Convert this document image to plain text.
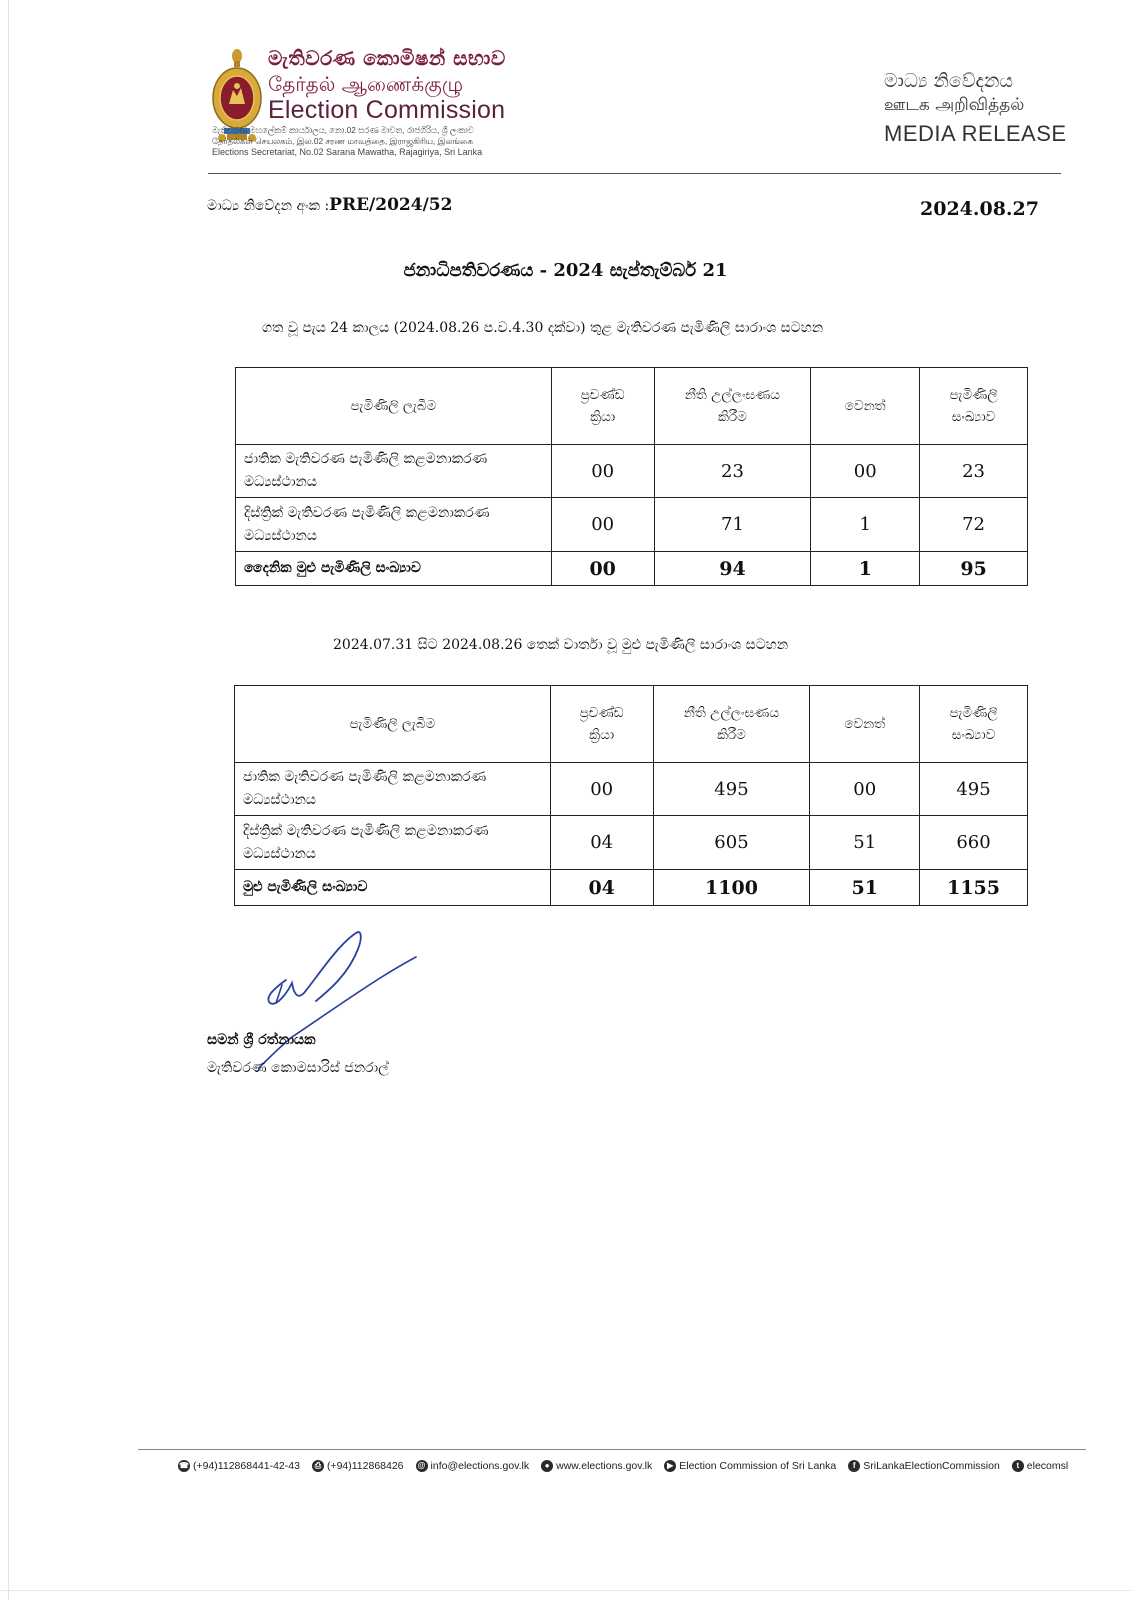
මැතිවරණ කොමිෂන් සභාව
தேர்தல் ஆணைக்குழு
Election Commission
මැතිවරණ මහලේකම් කාර්යාලය, නො.02 සරණ මාවත, රාජගිරිය, ශ්‍රී ලංකාව
தேர்தல்கள் செயலகம், இல.02 சரண மாவத்தை, இராஜகிரிய, இலங்கை
Elections Secretariat, No.02 Sarana Mawatha, Rajagiriya, Sri Lanka
මාධ්‍ය නිවේදනය
ஊடக அறிவித்தல்
MEDIA RELEASE
මාධ්‍ය නිවේදන අංක :PRE/2024/52	2024.08.27
ජනාධිපතිවරණය - 2024 සැප්තැම්බර් 21
ගත වූ පැය 24 කාලය (2024.08.26 ප.ව.4.30 දක්වා) තුළ මැතිවරණ පැමිණිලි සාරාංශ සටහන
පැමිණිලි ලැබීම	ප්‍රචණ්ඩ ක්‍රියා	නීති උල්ලංඝණය කිරීම	වෙනත්	පැමිණිලි සංඛ්‍යාව

ජාතික මැතිවරණ පැමිණිලි කළමනාකරණ මධ්‍යස්ථානය	00	23	00	23

දිස්ත්‍රික් මැතිවරණ පැමිණිලි කළමනාකරණ මධ්‍යස්ථානය	00	71	1	72
දෛනික මුළු පැමිණිලි සංඛ්‍යාව	00	94	1	95
2024.07.31 සිට 2024.08.26 තෙක් වාර්තා වූ මුළු පැමිණිලි සාරාංශ සටහන
පැමිණිලි ලැබීම	ප්‍රචණ්ඩ ක්‍රියා	නීති උල්ලංඝණය කිරීම	වෙනත්	පැමිණිලි සංඛ්‍යාව

ජාතික මැතිවරණ පැමිණිලි කළමනාකරණ මධ්‍යස්ථානය	00	495	00	495

දිස්ත්‍රික් මැතිවරණ පැමිණිලි කළමනාකරණ මධ්‍යස්ථානය	04	605	51	660
මුළු පැමිණිලි සංඛ්‍යාව	04	1100	51	1155
සමන් ශ්‍රී රත්නායක
මැතිවරණ කොමසාරිස් ජනරාල්
☎ (+94)112868441-42-43	⎙ (+94)112868426 @ info@elections.gov.lk	● www.elections.gov.lk	▶ Election Commission of Sri Lanka	f SriLankaElectionCommission	t elecomsl
